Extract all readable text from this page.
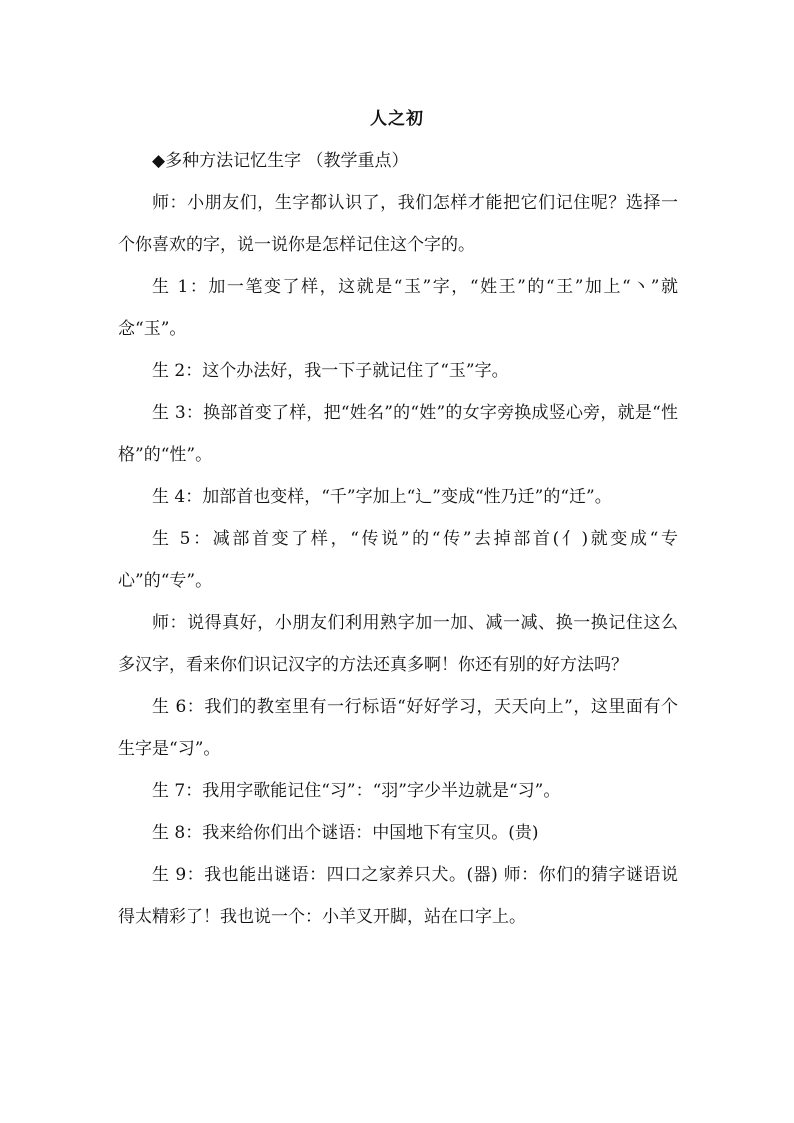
人之初

◆多种方法记忆生字 （教学重点）

师：小朋友们，生字都认识了，我们怎样才能把它们记住呢？选择一个你喜欢的字，说一说你是怎样记住这个字的。

生 1：加一笔变了样，这就是“玉”字，“姓王”的“王”加上“丶”就念“玉”。

生 2：这个办法好，我一下子就记住了“玉”字。

生 3：换部首变了样，把“姓名”的“姓”的女字旁换成竖心旁，就是“性格”的“性”。

生 4：加部首也变样，“千”字加上“辶”变成“性乃迁”的“迁”。

生 5：减部首变了样，“传说”的“传”去掉部首(亻)就变成“专心”的“专”。

师：说得真好，小朋友们利用熟字加一加、减一减、换一换记住这么多汉字，看来你们识记汉字的方法还真多啊！你还有别的好方法吗？

生 6：我们的教室里有一行标语“好好学习，天天向上”，这里面有个生字是“习”。

生 7：我用字歌能记住“习”：“羽”字少半边就是“习”。

生 8：我来给你们出个谜语：中国地下有宝贝。(贵)

生 9：我也能出谜语：四口之家养只犬。(器) 师：你们的猜字谜语说得太精彩了！我也说一个：小羊叉开脚，站在口字上。
